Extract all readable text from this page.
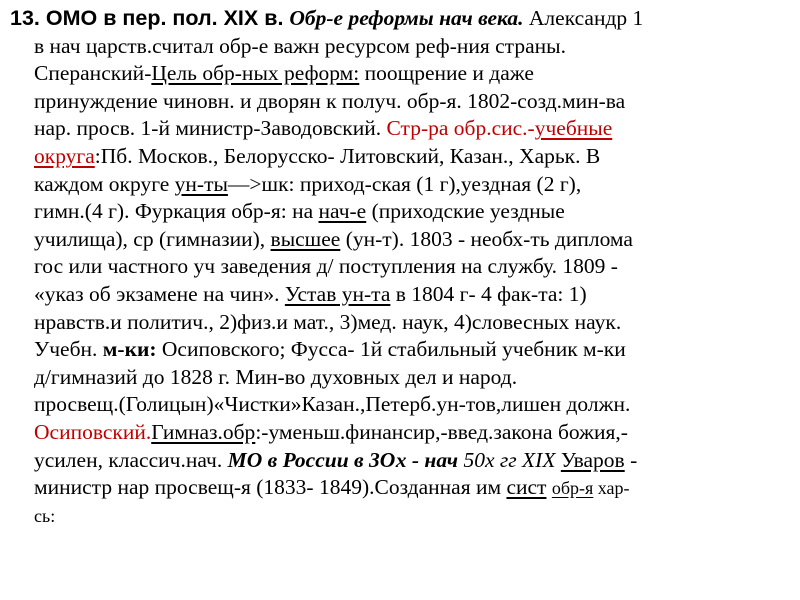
13. ОМО в пер. пол. XIX в. Обр-е реформы нач века. Александр 1
в нач царств.считал обр-е важн ресурсом реф-ния страны.
Сперанский-Цель обр-ных реформ: поощрение и даже
принуждение чиновн. и дворян к получ. обр-я. 1802-созд.мин-ва
нар. просв. 1-й министр-Заводовский. Стр-ра обр.сис.-учебные
округа:Пб. Москов., Белорусско- Литовский, Казан., Харьк. В
каждом округе ун-ты—>шк: приход-ская (1 г),уездная (2 г),
гимн.(4 г). Фуркация обр-я: на нач-е (приходские уездные
училища), ср (гимназии), высшее (ун-т). 1803 - необх-ть диплома
гос или частного уч заведения д/ поступления на службу. 1809 -
«указ об экзамене на чин». Устав ун-та в 1804 г- 4 фак-та: 1)
нравств.и политич., 2)физ.и мат., 3)мед. наук, 4)словесных наук.
Учебн. м-ки: Осиповского; Фусса- 1й стабильный учебник м-ки
д/гимназий до 1828 г. Мин-во духовных дел и народ.
просвещ.(Голицын)«Чистки»Казан.,Петерб.ун-тов,лишен должн.
Осиповский.Гимназ.обр:-уменьш.финансир,-введ.закона божия,-
усилен, классич.нач. МО в России в 3Ох - нач 50х гг XIX Уваров -
министр нар просвещ-я (1833- 1849).Созданная им сист обр-я хар-
сь:
